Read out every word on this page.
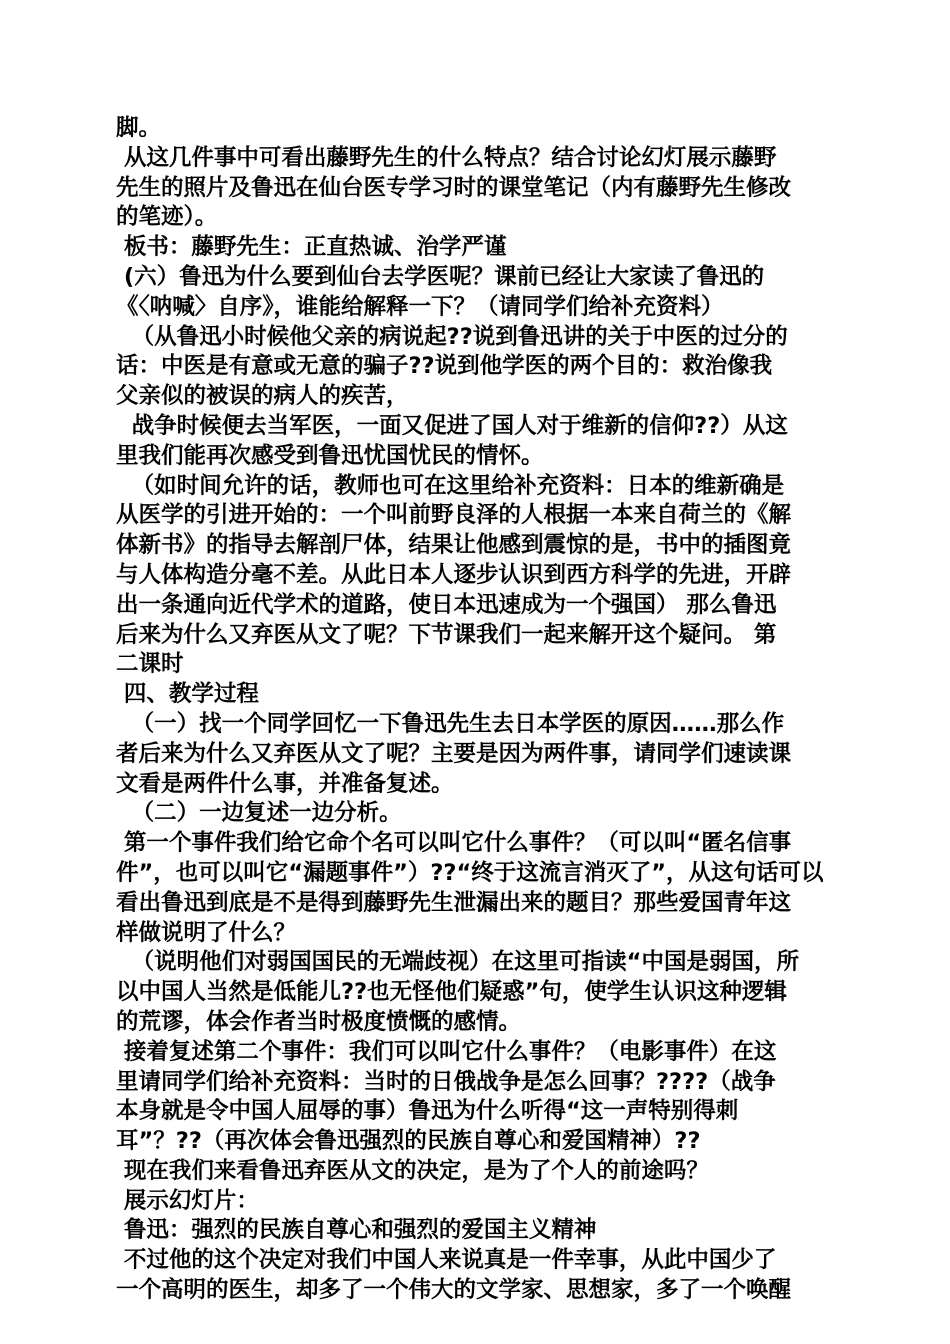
脚。
从这几件事中可看出藤野先生的什么特点？结合讨论幻灯展示藤野
先生的照片及鲁迅在仙台医专学习时的课堂笔记（内有藤野先生修改
的笔迹）。
板书：藤野先生：正直热诚、治学严谨
(六）鲁迅为什么要到仙台去学医呢？课前已经让大家读了鲁迅的
《〈呐喊〉自序》，谁能给解释一下？（请同学们给补充资料）
（从鲁迅小时候他父亲的病说起??说到鲁迅讲的关于中医的过分的
话：中医是有意或无意的骗子??说到他学医的两个目的：救治像我
父亲似的被误的病人的疾苦，
战争时候便去当军医，一面又促进了国人对于维新的信仰??）从这
里我们能再次感受到鲁迅忧国忧民的情怀。
（如时间允许的话，教师也可在这里给补充资料：日本的维新确是
从医学的引进开始的：一个叫前野良泽的人根据一本来自荷兰的《解
体新书》的指导去解剖尸体，结果让他感到震惊的是，书中的插图竟
与人体构造分毫不差。从此日本人逐步认识到西方科学的先进，开辟
出一条通向近代学术的道路，使日本迅速成为一个强国） 那么鲁迅
后来为什么又弃医从文了呢？下节课我们一起来解开这个疑问。 第
二课时
四、教学过程
（一）找一个同学回忆一下鲁迅先生去日本学医的原因……那么作
者后来为什么又弃医从文了呢？主要是因为两件事，请同学们速读课
文看是两件什么事，并准备复述。
（二）一边复述一边分析。
第一个事件我们给它命个名可以叫它什么事件？（可以叫“匿名信事
件”，也可以叫它“漏题事件”）??“终于这流言消灭了”，从这句话可以
看出鲁迅到底是不是得到藤野先生泄漏出来的题目？那些爱国青年这
样做说明了什么？
（说明他们对弱国国民的无端歧视）在这里可指读“中国是弱国，所
以中国人当然是低能儿??也无怪他们疑惑”句，使学生认识这种逻辑
的荒谬，体会作者当时极度愤慨的感情。
接着复述第二个事件：我们可以叫它什么事件？（电影事件）在这
里请同学们给补充资料：当时的日俄战争是怎么回事？????（战争
本身就是令中国人屈辱的事）鲁迅为什么听得“这一声特别得刺
耳”？??（再次体会鲁迅强烈的民族自尊心和爱国精神）??
现在我们来看鲁迅弃医从文的决定，是为了个人的前途吗？
展示幻灯片：
鲁迅：强烈的民族自尊心和强烈的爱国主义精神
不过他的这个决定对我们中国人来说真是一件幸事，从此中国少了
一个高明的医生，却多了一个伟大的文学家、思想家，多了一个唤醒
